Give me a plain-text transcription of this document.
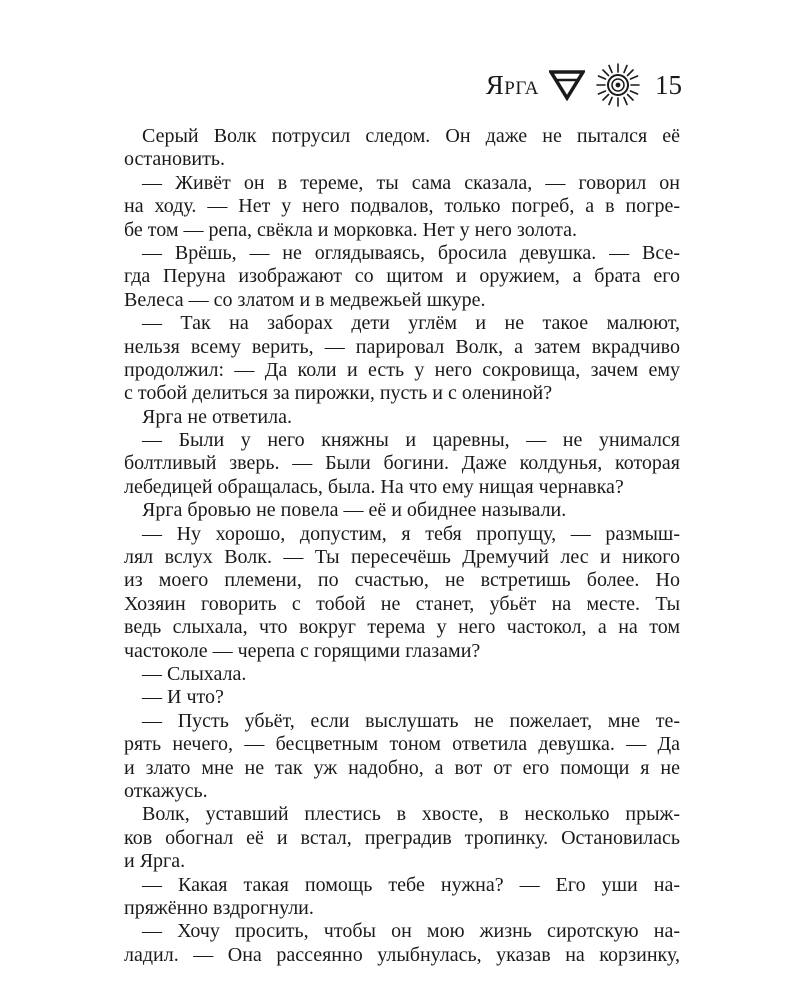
Ярга	15
Серый Волк потрусил следом. Он даже не пытался её
остановить.
— Живёт он в тереме, ты сама сказала, — говорил он
на ходу. — Нет у него подвалов, только погреб, а в погре-
бе том — репа, свёкла и морковка. Нет у него золота.
— Врёшь, — не оглядываясь, бросила девушка. — Все-
гда Перуна изображают со щитом и оружием, а брата его
Велеса — со златом и в медвежьей шкуре.
— Так на заборах дети углём и не такое малюют,
нельзя всему верить, — парировал Волк, а затем вкрадчиво
продолжил: — Да коли и есть у него сокровища, зачем ему
с тобой делиться за пирожки, пусть и с олениной?
Ярга не ответила.
— Были у него княжны и царевны, — не унимался
болтливый зверь. — Были богини. Даже колдунья, которая
лебедицей обращалась, была. На что ему нищая чернавка?
Ярга бровью не повела — её и обиднее называли.
— Ну хорошо, допустим, я тебя пропущу, — размыш-
лял вслух Волк. — Ты пересечёшь Дремучий лес и никого
из моего племени, по счастью, не встретишь более. Но
Хозяин говорить с тобой не станет, убьёт на месте. Ты
ведь слыхала, что вокруг терема у него частокол, а на том
частоколе — черепа с горящими глазами?
— Слыхала.
— И что?
— Пусть убьёт, если выслушать не пожелает, мне те-
рять нечего, — бесцветным тоном ответила девушка. — Да
и злато мне не так уж надобно, а вот от его помощи я не
откажусь.
Волк, уставший плестись в хвосте, в несколько прыж-
ков обогнал её и встал, преградив тропинку. Остановилась
и Ярга.
— Какая такая помощь тебе нужна? — Его уши на-
пряжённо вздрогнули.
— Хочу просить, чтобы он мою жизнь сиротскую на-
ладил. — Она рассеянно улыбнулась, указав на корзинку,
